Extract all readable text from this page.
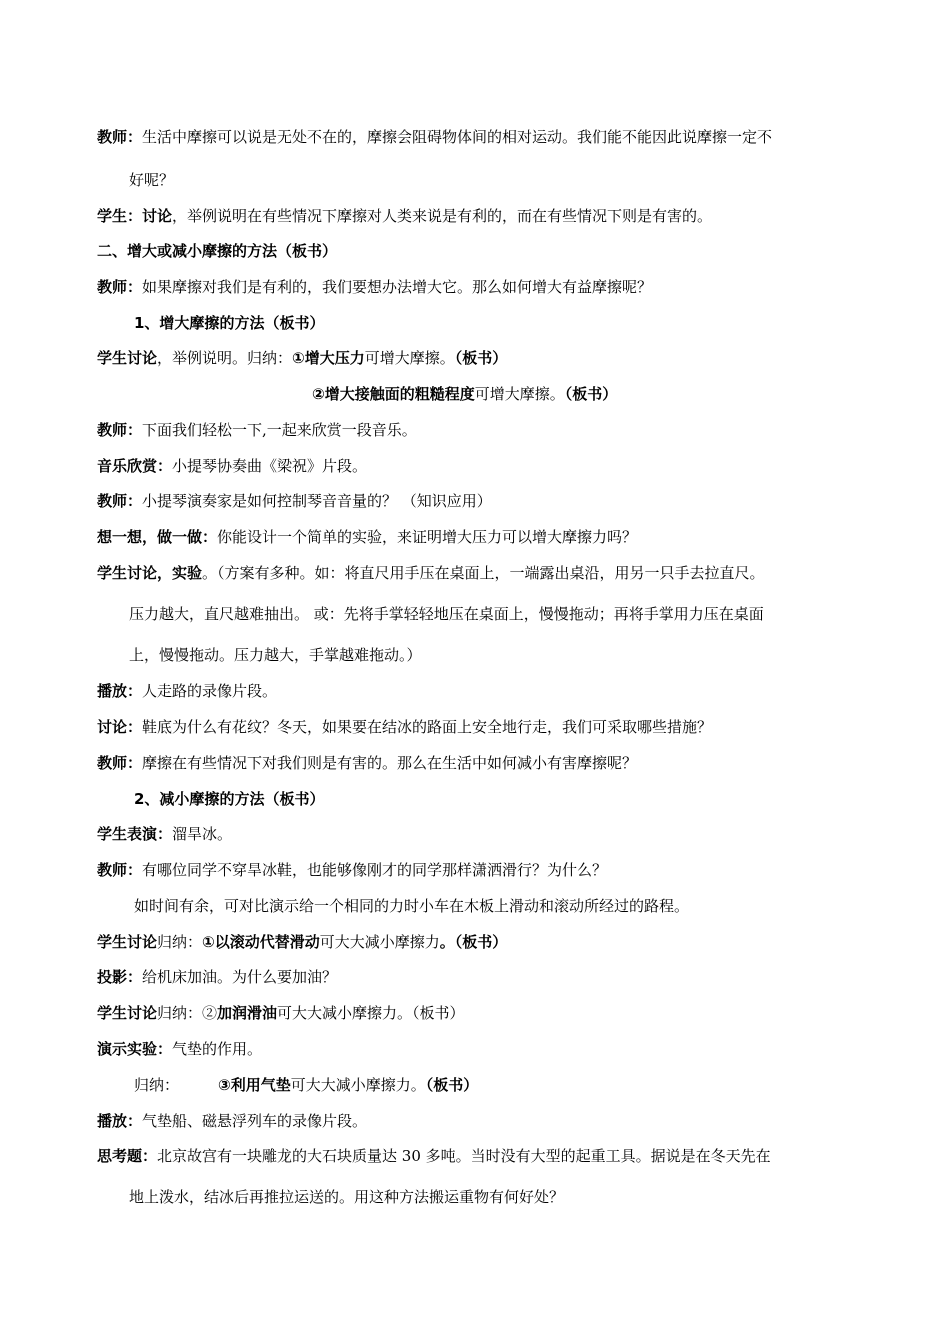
教师：生活中摩擦可以说是无处不在的，摩擦会阻碍物体间的相对运动。我们能不能因此说摩擦一定不
好呢？
学生：讨论，举例说明在有些情况下摩擦对人类来说是有利的，而在有些情况下则是有害的。
二、增大或减小摩擦的方法（板书）
教师：如果摩擦对我们是有利的，我们要想办法增大它。那么如何增大有益摩擦呢？
1、增大摩擦的方法（板书）
学生讨论，举例说明。归纳：①增大压力可增大摩擦。（板书）
②增大接触面的粗糙程度可增大摩擦。（板书）
教师：下面我们轻松一下,一起来欣赏一段音乐。
音乐欣赏：小提琴协奏曲《梁祝》片段。
教师：小提琴演奏家是如何控制琴音音量的？ （知识应用）
想一想，做一做：你能设计一个简单的实验，来证明增大压力可以增大摩擦力吗？
学生讨论，实验。（方案有多种。如：将直尺用手压在桌面上，一端露出桌沿，用另一只手去拉直尺。
压力越大，直尺越难抽出。 或：先将手掌轻轻地压在桌面上，慢慢拖动；再将手掌用力压在桌面
上，慢慢拖动。压力越大，手掌越难拖动。）
播放：人走路的录像片段。
讨论：鞋底为什么有花纹？冬天，如果要在结冰的路面上安全地行走，我们可采取哪些措施？
教师：摩擦在有些情况下对我们则是有害的。那么在生活中如何减小有害摩擦呢？
2、减小摩擦的方法（板书）
学生表演：溜旱冰。
教师：有哪位同学不穿旱冰鞋，也能够像刚才的同学那样潇洒滑行？为什么？
如时间有余，可对比演示给一个相同的力时小车在木板上滑动和滚动所经过的路程。
学生讨论归纳：①以滚动代替滑动可大大减小摩擦力。（板书）
投影：给机床加油。为什么要加油？
学生讨论归纳：②加润滑油可大大减小摩擦力。（板书）
演示实验：气垫的作用。
归纳：	③利用气垫可大大减小摩擦力。（板书）
播放：气垫船、磁悬浮列车的录像片段。
思考题：北京故宫有一块雕龙的大石块质量达 30 多吨。当时没有大型的起重工具。据说是在冬天先在
地上泼水，结冰后再推拉运送的。用这种方法搬运重物有何好处？
